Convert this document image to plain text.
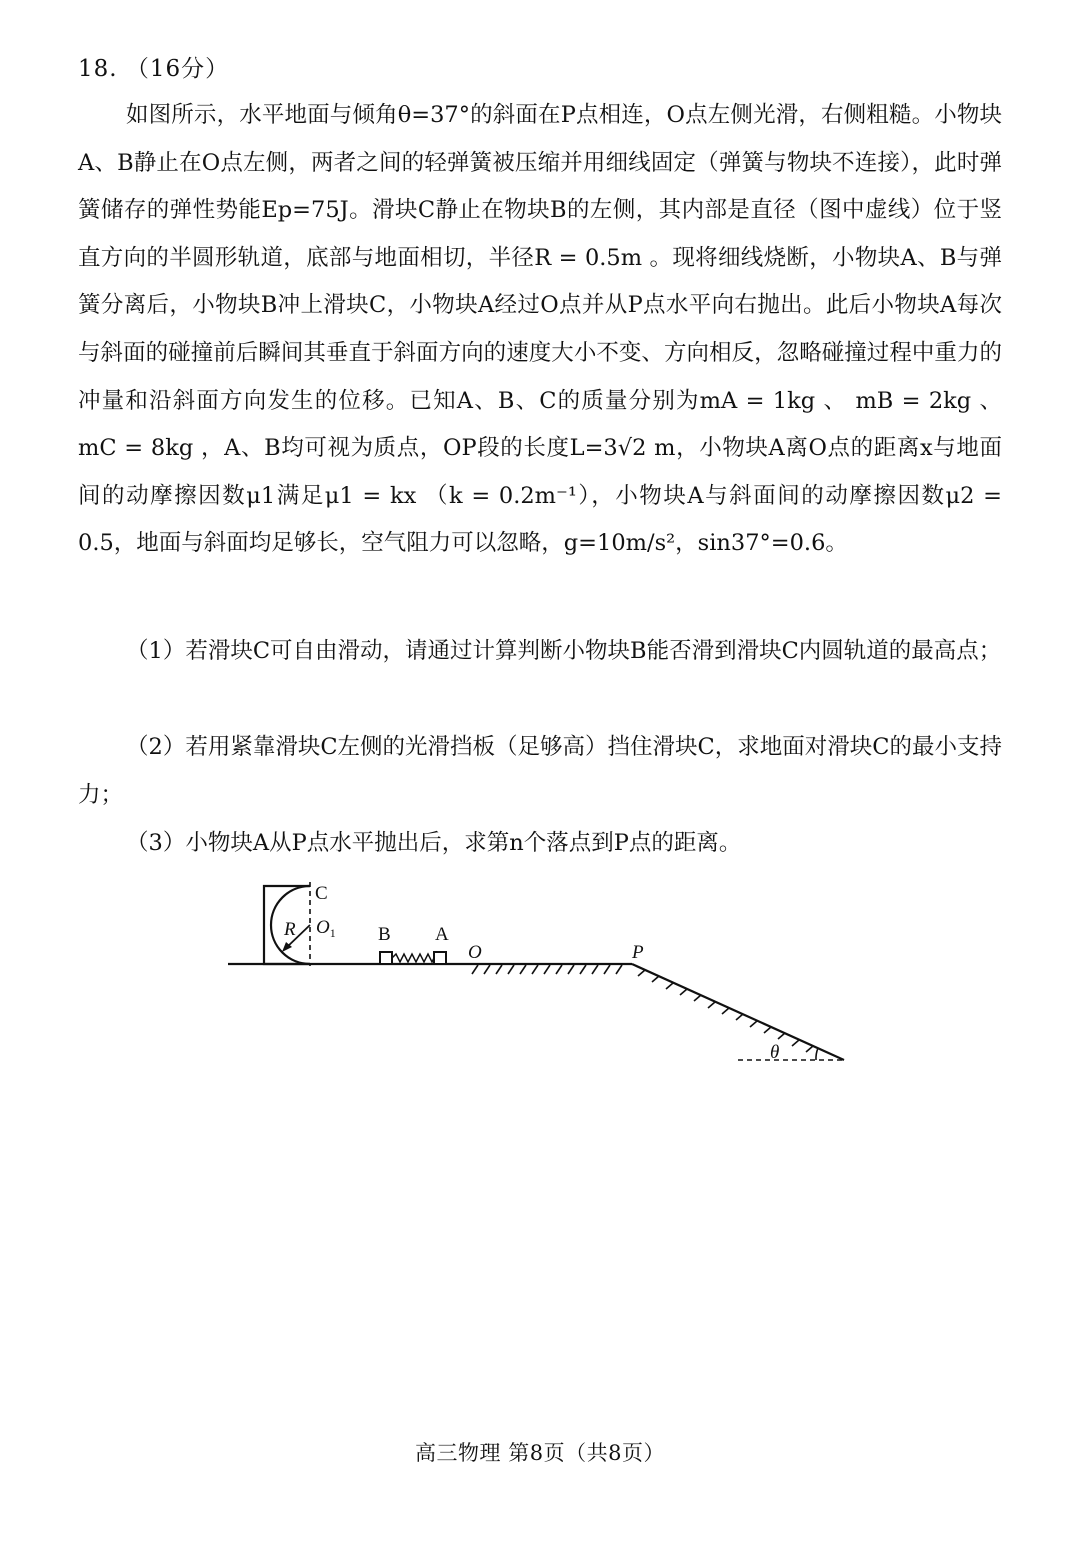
18. （16分）

如图所示，水平地面与倾角θ=37°的斜面在P点相连，O点左侧光滑，右侧粗糙。小物块A、B静止在O点左侧，两者之间的轻弹簧被压缩并用细线固定（弹簧与物块不连接），此时弹簧储存的弹性势能Ep=75J。滑块C静止在物块B的左侧，其内部是直径（图中虚线）位于竖直方向的半圆形轨道，底部与地面相切，半径R = 0.5m 。现将细线烧断，小物块A、B与弹簧分离后，小物块B冲上滑块C，小物块A经过O点并从P点水平向右抛出。此后小物块A每次与斜面的碰撞前后瞬间其垂直于斜面方向的速度大小不变、方向相反，忽略碰撞过程中重力的冲量和沿斜面方向发生的位移。已知A、B、C的质量分别为mA = 1kg 、 mB = 2kg 、 mC = 8kg ，A、B均可视为质点，OP段的长度L=3√2 m，小物块A离O点的距离x与地面间的动摩擦因数μ1满足μ1 = kx （k = 0.2m⁻¹），小物块A与斜面间的动摩擦因数μ2 = 0.5，地面与斜面均足够长，空气阻力可以忽略，g=10m/s²，sin37°=0.6。

（1）若滑块C可自由滑动，请通过计算判断小物块B能否滑到滑块C内圆轨道的最高点；

（2）若用紧靠滑块C左侧的光滑挡板（足够高）挡住滑块C，求地面对滑块C的最小支持力；

（3）小物块A从P点水平抛出后，求第n个落点到P点的距离。

θ
C
R $O_1$ B A
O	P
高三物理 第8页（共8页）
